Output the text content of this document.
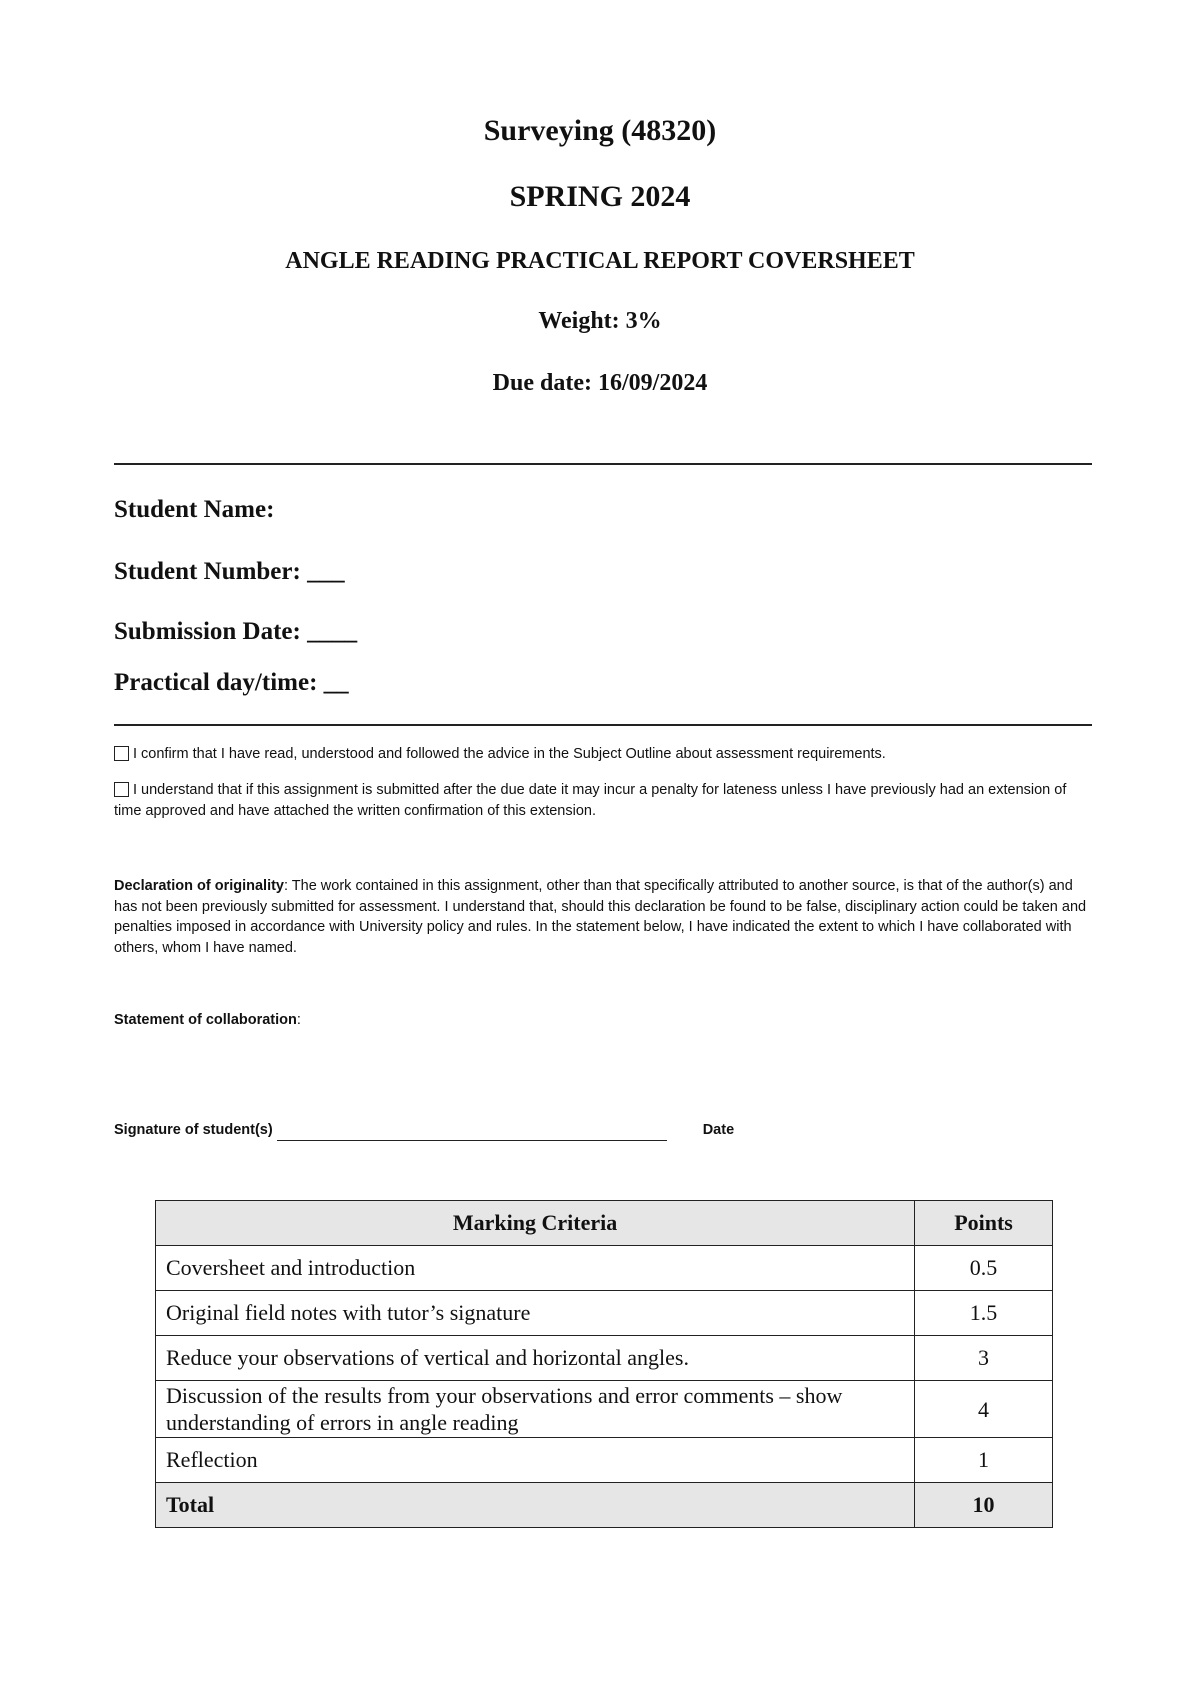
Surveying (48320)
SPRING 2024
ANGLE READING PRACTICAL REPORT COVERSHEET
Weight: 3%
Due date: 16/09/2024
Student Name:
Student Number: ___
Submission Date: ____
Practical day/time: __
I confirm that I have read, understood and followed the advice in the Subject Outline about assessment requirements.
I understand that if this assignment is submitted after the due date it may incur a penalty for lateness unless I have previously had an extension of time approved and have attached the written confirmation of this extension.
Declaration of originality: The work contained in this assignment, other than that specifically attributed to another source, is that of the author(s) and has not been previously submitted for assessment. I understand that, should this declaration be found to be false, disciplinary action could be taken and penalties imposed in accordance with University policy and rules. In the statement below, I have indicated the extent to which I have collaborated with others, whom I have named.
Statement of collaboration:
Signature of student(s)	Date
Marking Criteria	Points
Coversheet and introduction	0.5
Original field notes with tutor’s signature	1.5
Reduce your observations of vertical and horizontal angles.	3
Discussion of the results from your observations and error comments – show understanding of errors in angle reading	4
Reflection	1
Total	10
